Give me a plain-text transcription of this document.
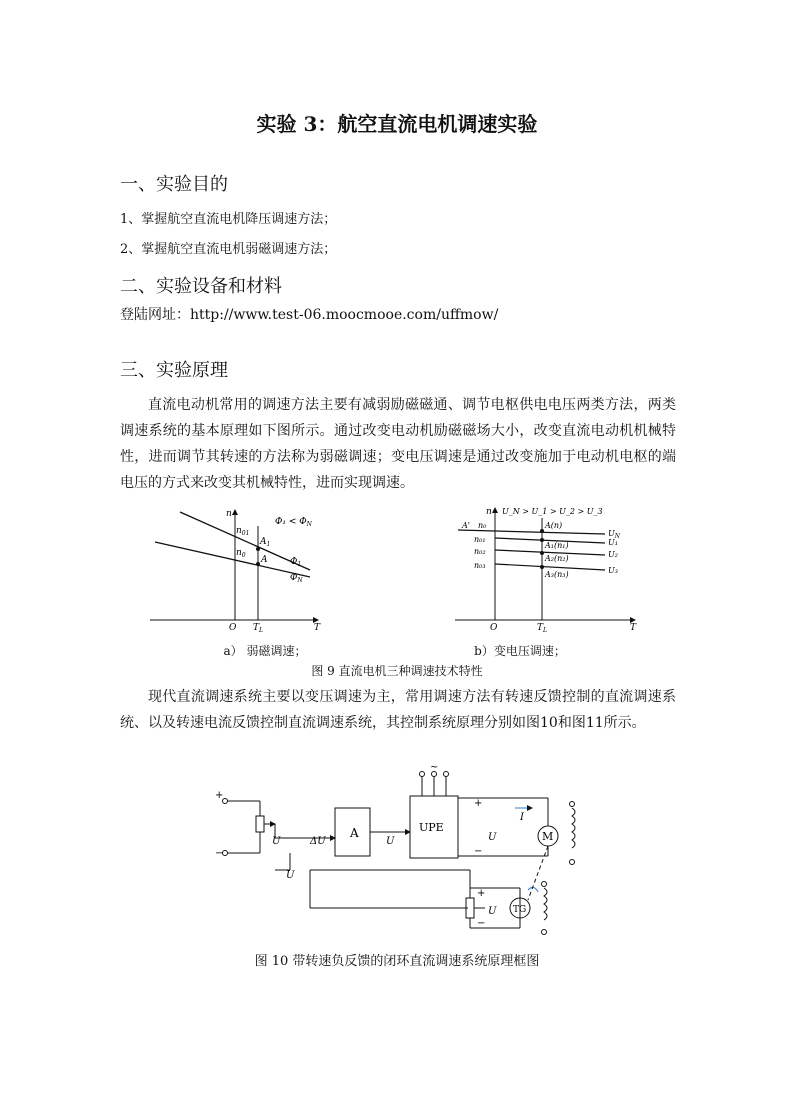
实验 3：航空直流电机调速实验
一、实验目的
1、掌握航空直流电机降压调速方法；
2、掌握航空直流电机弱磁调速方法；
二、实验设备和材料
登陆网址：http://www.test-06.moocmooe.com/uffmow/
三、实验原理
直流电动机常用的调速方法主要有减弱励磁磁通、调节电枢供电电压两类方法，两类调速系统的基本原理如下图所示。通过改变电动机励磁磁场大小，改变直流电动机机械特性，进而调节其转速的方法称为弱磁调速；变电压调速是通过改变施加于电动机电枢的端电压的方式来改变其机械特性，进而实现调速。
n
T
O $T_L$
$n_{01}$
$n_0$
$A_1$
A	$\Phi_1$
$\Phi_N$
$\Phi_1 < \Phi_N$
a） 弱磁调速；
U_N > U_1 > U_2 > U_3
n
T
O	$T_L$
A' n₀
n₀₁
n₀₂
n₀₃
A(n)
A₁(n₁)
A₂(n₂)
A₃(n₃)
$U_N$
U₁
U₂
U₃
b）变电压调速；
图 9 直流电机三种调速技术特性
现代直流调速系统主要以变压调速为主，常用调速方法有转速反馈控制的直流调速系统、以及转速电流反馈控制直流调速系统，其控制系统原理分别如图10和图11所示。
A	UPE
M
TG
~
U	ΔU	U	U
I
U
U
+
−
+
−
+
−
图 10 带转速负反馈的闭环直流调速系统原理框图
